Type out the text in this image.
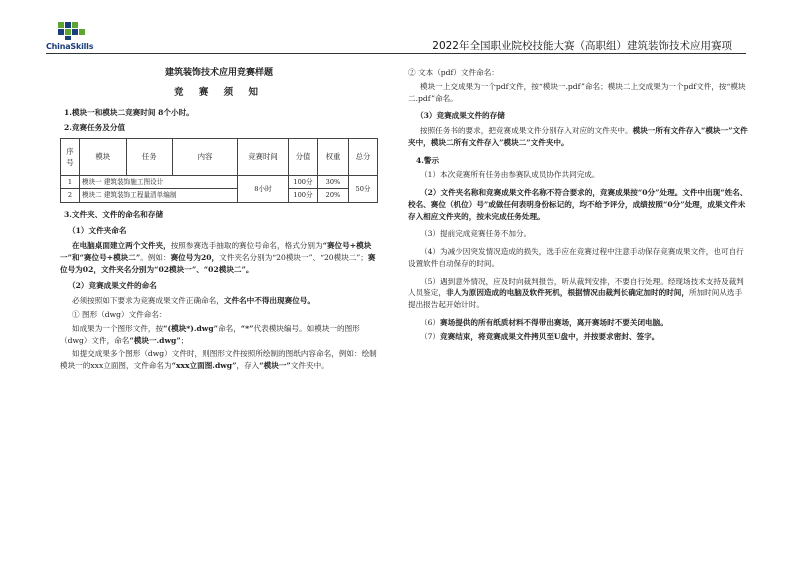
ChinaSkills	2022年全国职业院校技能大赛（高职组）建筑装饰技术应用赛项
建筑装饰技术应用竞赛样题
竞 赛 须 知

1.模块一和模块二竞赛时间 8个小时。

2.竞赛任务及分值

序号	模块	任务	内容	竞赛时间	分值	权重	总分
1	模块一 建筑装饰施工图设计			8小时	100分	30%	50分
2	模块二 建筑装饰工程量清单编制				100分	20%	

3.文件夹、文件的命名和存储

（1）文件夹命名

在电脑桌面建立两个文件夹，按照参赛选手抽取的赛位号命名，格式分别为“赛位号+模块一”和“赛位号+模块二”。例如：赛位号为20，文件夹名分别为“20模块一”、“20模块二”；赛位号为02，文件夹名分别为“02模块一”、“02模块二”。

（2）竞赛成果文件的命名

必须按照如下要求为竞赛成果文件正确命名，文件名中不得出现赛位号。

① 图形（dwg）文件命名：

如成果为一个图形文件，按“(模块*).dwg”命名，“*”代表模块编号。如模块一的图形（dwg）文件，命名“模块一.dwg”；

如提交成果多个图形（dwg）文件时，则图形文件按照所绘制的图纸内容命名，例如：绘制模块一的xxx立面图，文件命名为“xxx立面图.dwg”，存入“模块一”文件夹中。

② 文本（pdf）文件命名：

模块一上交成果为一个pdf文件，按“模块一.pdf”命名；模块二上交成果为一个pdf文件，按“模块二.pdf”命名。

（3）竞赛成果文件的存储

按照任务书的要求，把竞赛成果文件分别存入对应的文件夹中。模块一所有文件存入“模块一”文件夹中，模块二所有文件存入”模块二”文件夹中。

4.警示

（1）本次竞赛所有任务由参赛队成员协作共同完成。

（2）文件夹名称和竞赛成果文件名称不符合要求的，竞赛成果按“0分”处理。文件中出现“姓名、校名、赛位（机位）号”或做任何表明身份标记的，均不给予评分，成绩按照“0分”处理，成果文件未存入相应文件夹的，按未完成任务处理。

（3）提前完成竞赛任务不加分。

（4）为减少因突发情况造成的损失，选手应在竞赛过程中注意手动保存竞赛成果文件，也可自行设置软件自动保存的时间。

（5）遇到意外情况，应及时向裁判报告，听从裁判安排，不要自行处理。经现场技术支持及裁判人员鉴定，非人为原因造成的电脑及软件死机，根据情况由裁判长确定加时的时间，所加时间从选手提出报告起开始计时。

（6）赛场提供的所有纸质材料不得带出赛场，离开赛场时不要关闭电脑。

（7）竞赛结束，将竞赛成果文件拷贝至U盘中，并按要求密封、签字。
